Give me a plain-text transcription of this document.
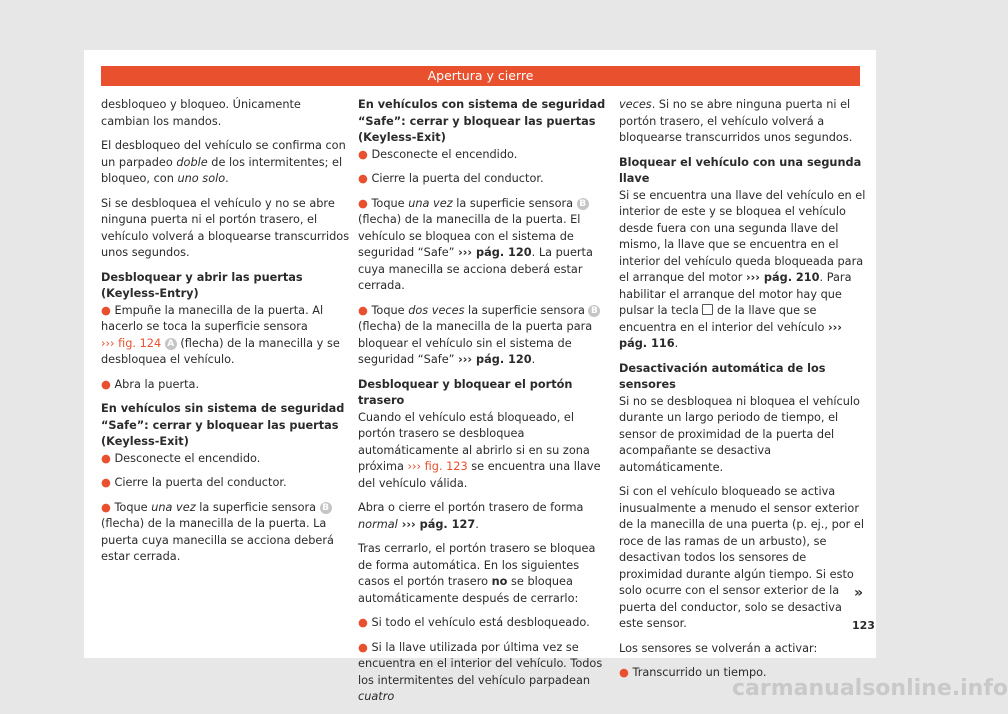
Apertura y cierre

desbloqueo y bloqueo. Únicamente cambian los mandos.

El desbloqueo del vehículo se confirma con un parpadeo doble de los intermitentes; el bloqueo, con uno solo.

Si se desbloquea el vehículo y no se abre ninguna puerta ni el portón trasero, el vehículo volverá a bloquearse transcurridos unos segundos.

Desbloquear y abrir las puertas (Keyless-Entry)

● Empuñe la manecilla de la puerta. Al hacerlo se toca la superficie sensora
››› fig. 124 A (flecha) de la manecilla y se desbloquea el vehículo.

● Abra la puerta.

En vehículos sin sistema de seguridad “Safe”: cerrar y bloquear las puertas (Keyless-Exit)

● Desconecte el encendido.

● Cierre la puerta del conductor.

● Toque una vez la superficie sensora B (flecha) de la manecilla de la puerta. La puerta cuya manecilla se acciona deberá estar cerrada.

En vehículos con sistema de seguridad “Safe”: cerrar y bloquear las puertas (Keyless-Exit)

● Desconecte el encendido.

● Cierre la puerta del conductor.

● Toque una vez la superficie sensora B (flecha) de la manecilla de la puerta. El vehículo se bloquea con el sistema de seguridad “Safe” ››› pág. 120. La puerta cuya manecilla se acciona deberá estar cerrada.

● Toque dos veces la superficie sensora B (flecha) de la manecilla de la puerta para bloquear el vehículo sin el sistema de seguridad “Safe” ››› pág. 120.

Desbloquear y bloquear el portón trasero

Cuando el vehículo está bloqueado, el portón trasero se desbloquea automáticamente al abrirlo si en su zona próxima ››› fig. 123 se encuentra una llave del vehículo válida.

Abra o cierre el portón trasero de forma normal ››› pág. 127.

Tras cerrarlo, el portón trasero se bloquea de forma automática. En los siguientes casos el portón trasero no se bloquea automáticamente después de cerrarlo:

● Si todo el vehículo está desbloqueado.

● Si la llave utilizada por última vez se encuentra en el interior del vehículo. Todos los intermitentes del vehículo parpadean cuatro

veces. Si no se abre ninguna puerta ni el portón trasero, el vehículo volverá a bloquearse transcurridos unos segundos.

Bloquear el vehículo con una segunda llave

Si se encuentra una llave del vehículo en el interior de este y se bloquea el vehículo desde fuera con una segunda llave del mismo, la llave que se encuentra en el interior del vehículo queda bloqueada para el arranque del motor ››› pág. 210. Para habilitar el arranque del motor hay que pulsar la tecla  de la llave que se encuentra en el interior del vehículo ››› pág. 116.

Desactivación automática de los sensores

Si no se desbloquea ni bloquea el vehículo durante un largo periodo de tiempo, el sensor de proximidad de la puerta del acompañante se desactiva automáticamente.

Si con el vehículo bloqueado se activa inusualmente a menudo el sensor exterior de la manecilla de una puerta (p. ej., por el roce de las ramas de un arbusto), se desactivan todos los sensores de proximidad durante algún tiempo. Si esto solo ocurre con el sensor exterior de la puerta del conductor, solo se desactiva este sensor.

Los sensores se volverán a activar:

● Transcurrido un tiempo.

»
123
carmanualsonline.info
